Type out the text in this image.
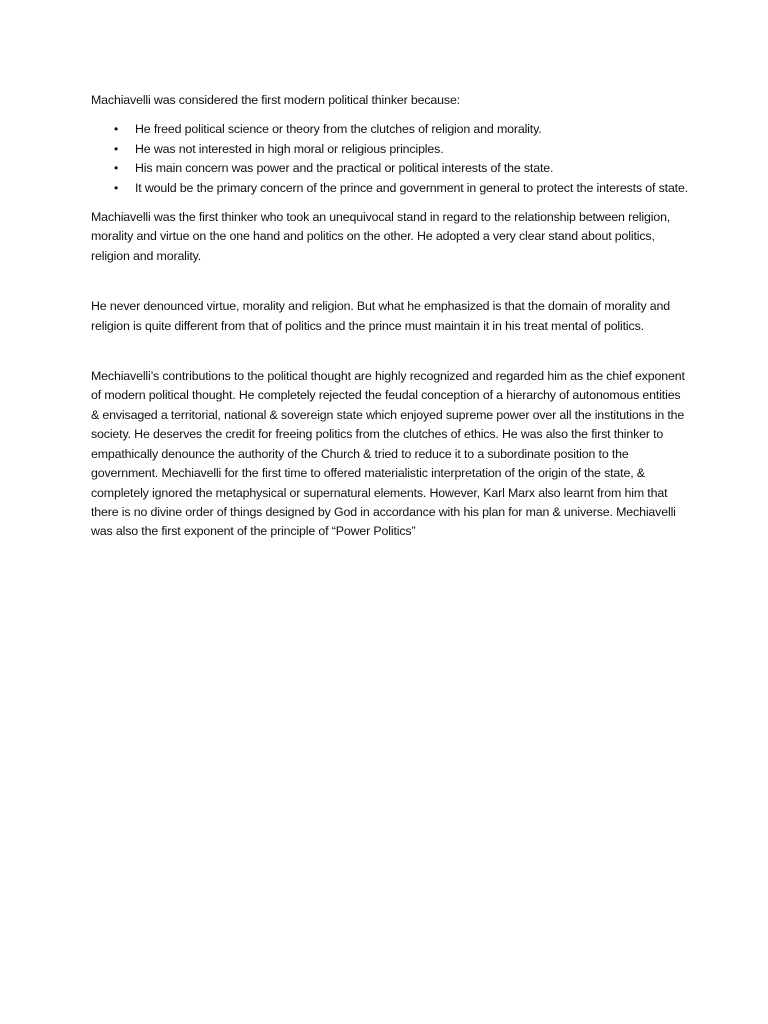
Machiavelli was considered the first modern political thinker because:

• He freed political science or theory from the clutches of religion and morality.
• He was not interested in high moral or religious principles.
• His main concern was power and the practical or political interests of the state.
• It would be the primary concern of the prince and government in general to protect the interests of state.

Machiavelli was the first thinker who took an unequivocal stand in regard to the relationship between religion, morality and virtue on the one hand and politics on the other. He adopted a very clear stand about politics, religion and morality.

He never denounced virtue, morality and religion. But what he emphasized is that the domain of morality and religion is quite different from that of politics and the prince must maintain it in his treat mental of politics.

Mechiavelli’s contributions to the political thought are highly recognized and regarded him as the chief exponent of modern political thought. He completely rejected the feudal conception of a hierarchy of autonomous entities & envisaged a territorial, national & sovereign state which enjoyed supreme power over all the institutions in the society. He deserves the credit for freeing politics from the clutches of ethics. He was also the first thinker to empathically denounce the authority of the Church & tried to reduce it to a subordinate position to the government. Mechiavelli for the first time to offered materialistic interpretation of the origin of the state, & completely ignored the metaphysical or supernatural elements. However, Karl Marx also learnt from him that there is no divine order of things designed by God in accordance with his plan for man & universe. Mechiavelli was also the first exponent of the principle of “Power Politics”
